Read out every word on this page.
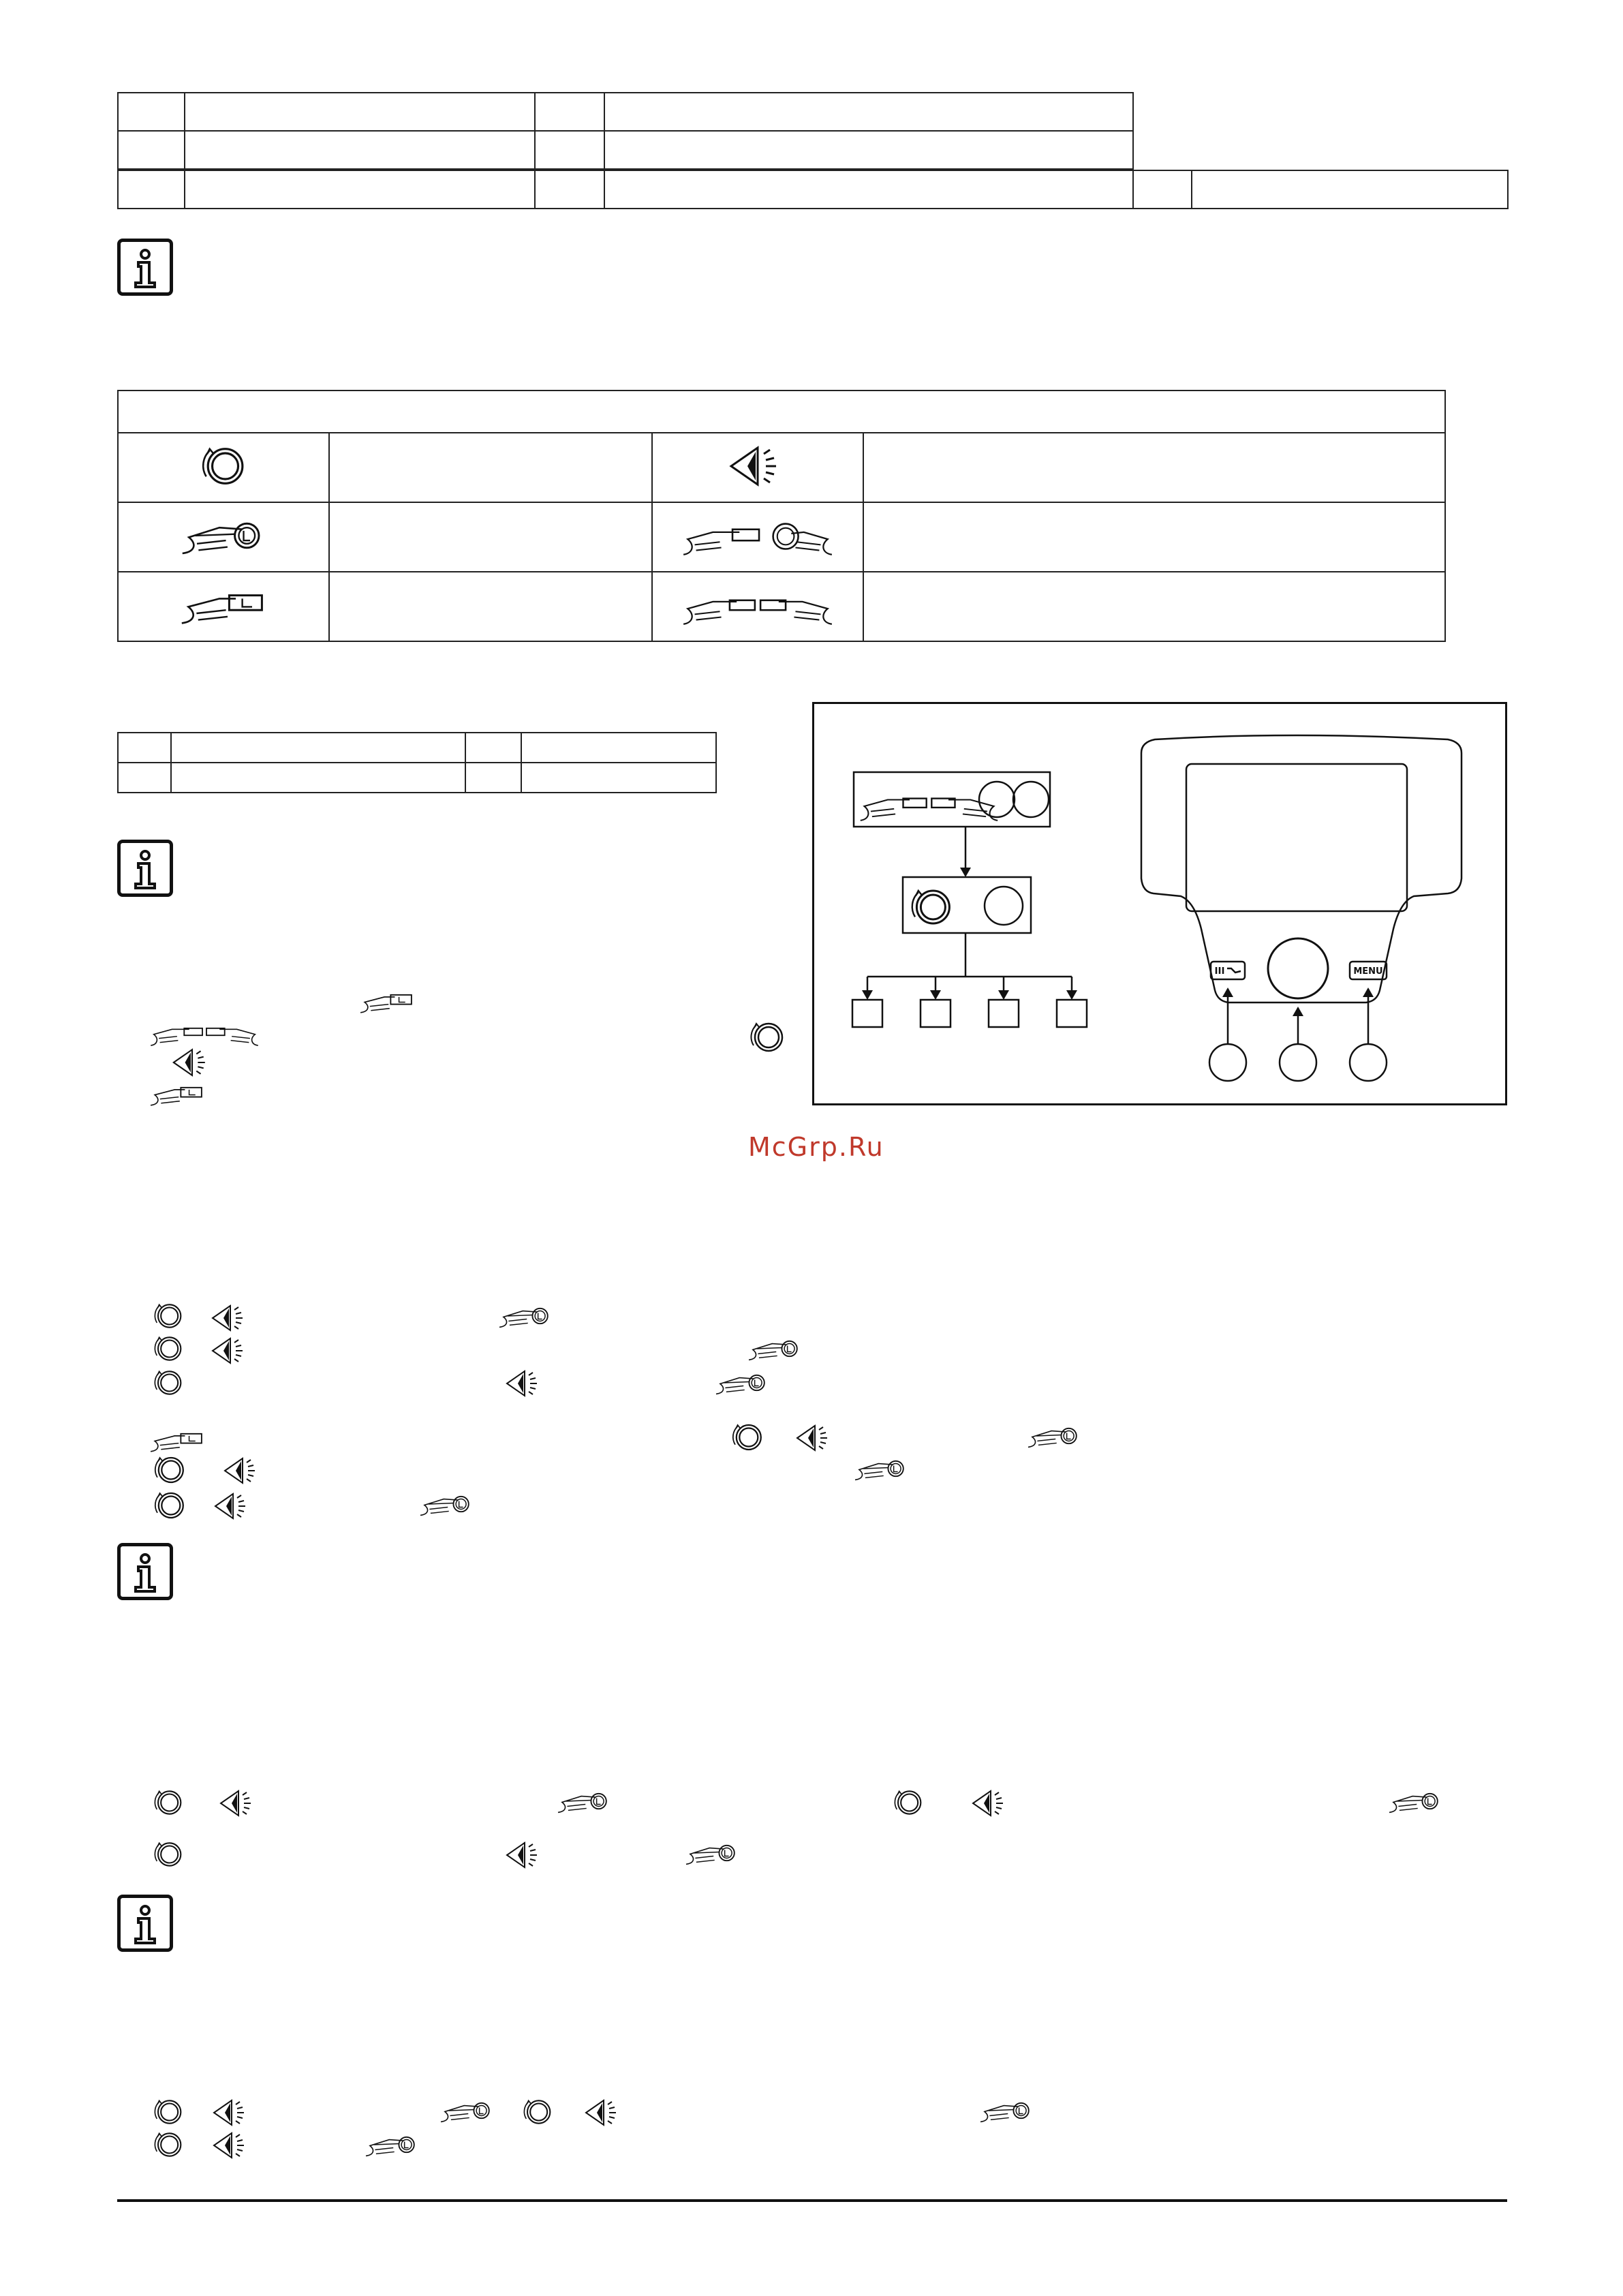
MENU
McGrp.Ru
